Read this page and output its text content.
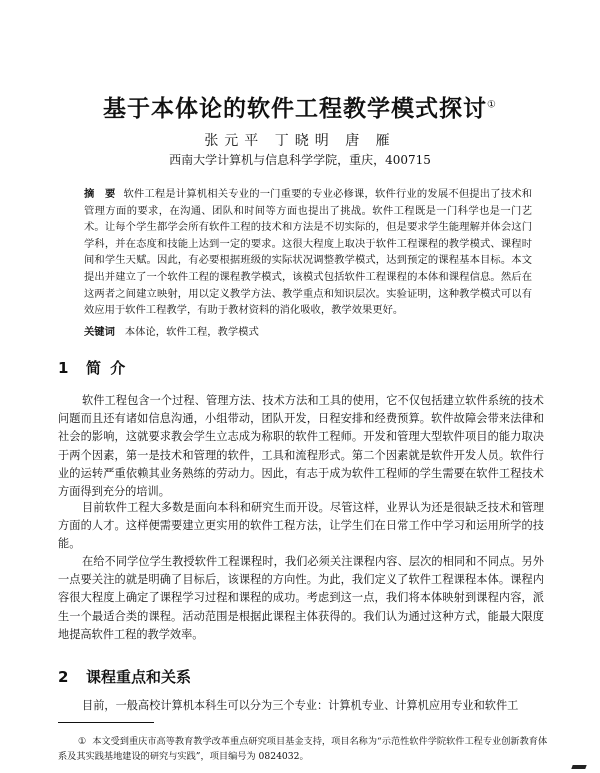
基于本体论的软件工程教学模式探讨①
张元平 丁晓明 唐 雁
西南大学计算机与信息科学学院，重庆，400715
摘　要 软件工程是计算机相关专业的一门重要的专业必修课，软件行业的发展不但提出了技术和管理方面的要求，在沟通、团队和时间等方面也提出了挑战。软件工程既是一门科学也是一门艺术。让每个学生都学会所有软件工程的技术和方法是不切实际的，但是要求学生能理解并体会这门学科，并在态度和技能上达到一定的要求。这很大程度上取决于软件工程课程的教学模式、课程时间和学生天赋。因此，有必要根据班级的实际状况调整教学模式，达到预定的课程基本目标。本文提出并建立了一个软件工程的课程教学模式，该模式包括软件工程课程的本体和课程信息。然后在这两者之间建立映射，用以定义教学方法、教学重点和知识层次。实验证明，这种教学模式可以有效应用于软件工程教学，有助于教材资料的消化吸收，教学效果更好。
关键词 本体论，软件工程，教学模式
1 简 介

软件工程包含一个过程、管理方法、技术方法和工具的使用，它不仅包括建立软件系统的技术问题而且还有诸如信息沟通，小组带动，团队开发，日程安排和经费预算。软件故障会带来法律和社会的影响，这就要求教会学生立志成为称职的软件工程师。开发和管理大型软件项目的能力取决于两个因素，第一是技术和管理的软件，工具和流程形式。第二个因素就是软件开发人员。软件行业的运转严重依赖其业务熟练的劳动力。因此，有志于成为软件工程师的学生需要在软件工程技术方面得到充分的培训。

目前软件工程大多数是面向本科和研究生而开设。尽管这样，业界认为还是很缺乏技术和管理方面的人才。这样便需要建立更实用的软件工程方法，让学生们在日常工作中学习和运用所学的技能。

在给不同学位学生教授软件工程课程时，我们必须关注课程内容、层次的相同和不同点。另外一点要关注的就是明确了目标后，该课程的方向性。为此，我们定义了软件工程课程本体。课程内容很大程度上确定了课程学习过程和课程的成功。考虑到这一点，我们将本体映射到课程内容，派生一个最适合类的课程。活动范围是根据此课程主体获得的。我们认为通过这种方式，能最大限度地提高软件工程的教学效率。

2 课程重点和关系

目前，一般高校计算机本科生可以分为三个专业：计算机专业、计算机应用专业和软件工

① 本文受到重庆市高等教育教学改革重点研究项目基金支持，项目名称为“示范性软件学院软件工程专业创新教育体系及其实践基地建设的研究与实践”，项目编号为 0824032。
